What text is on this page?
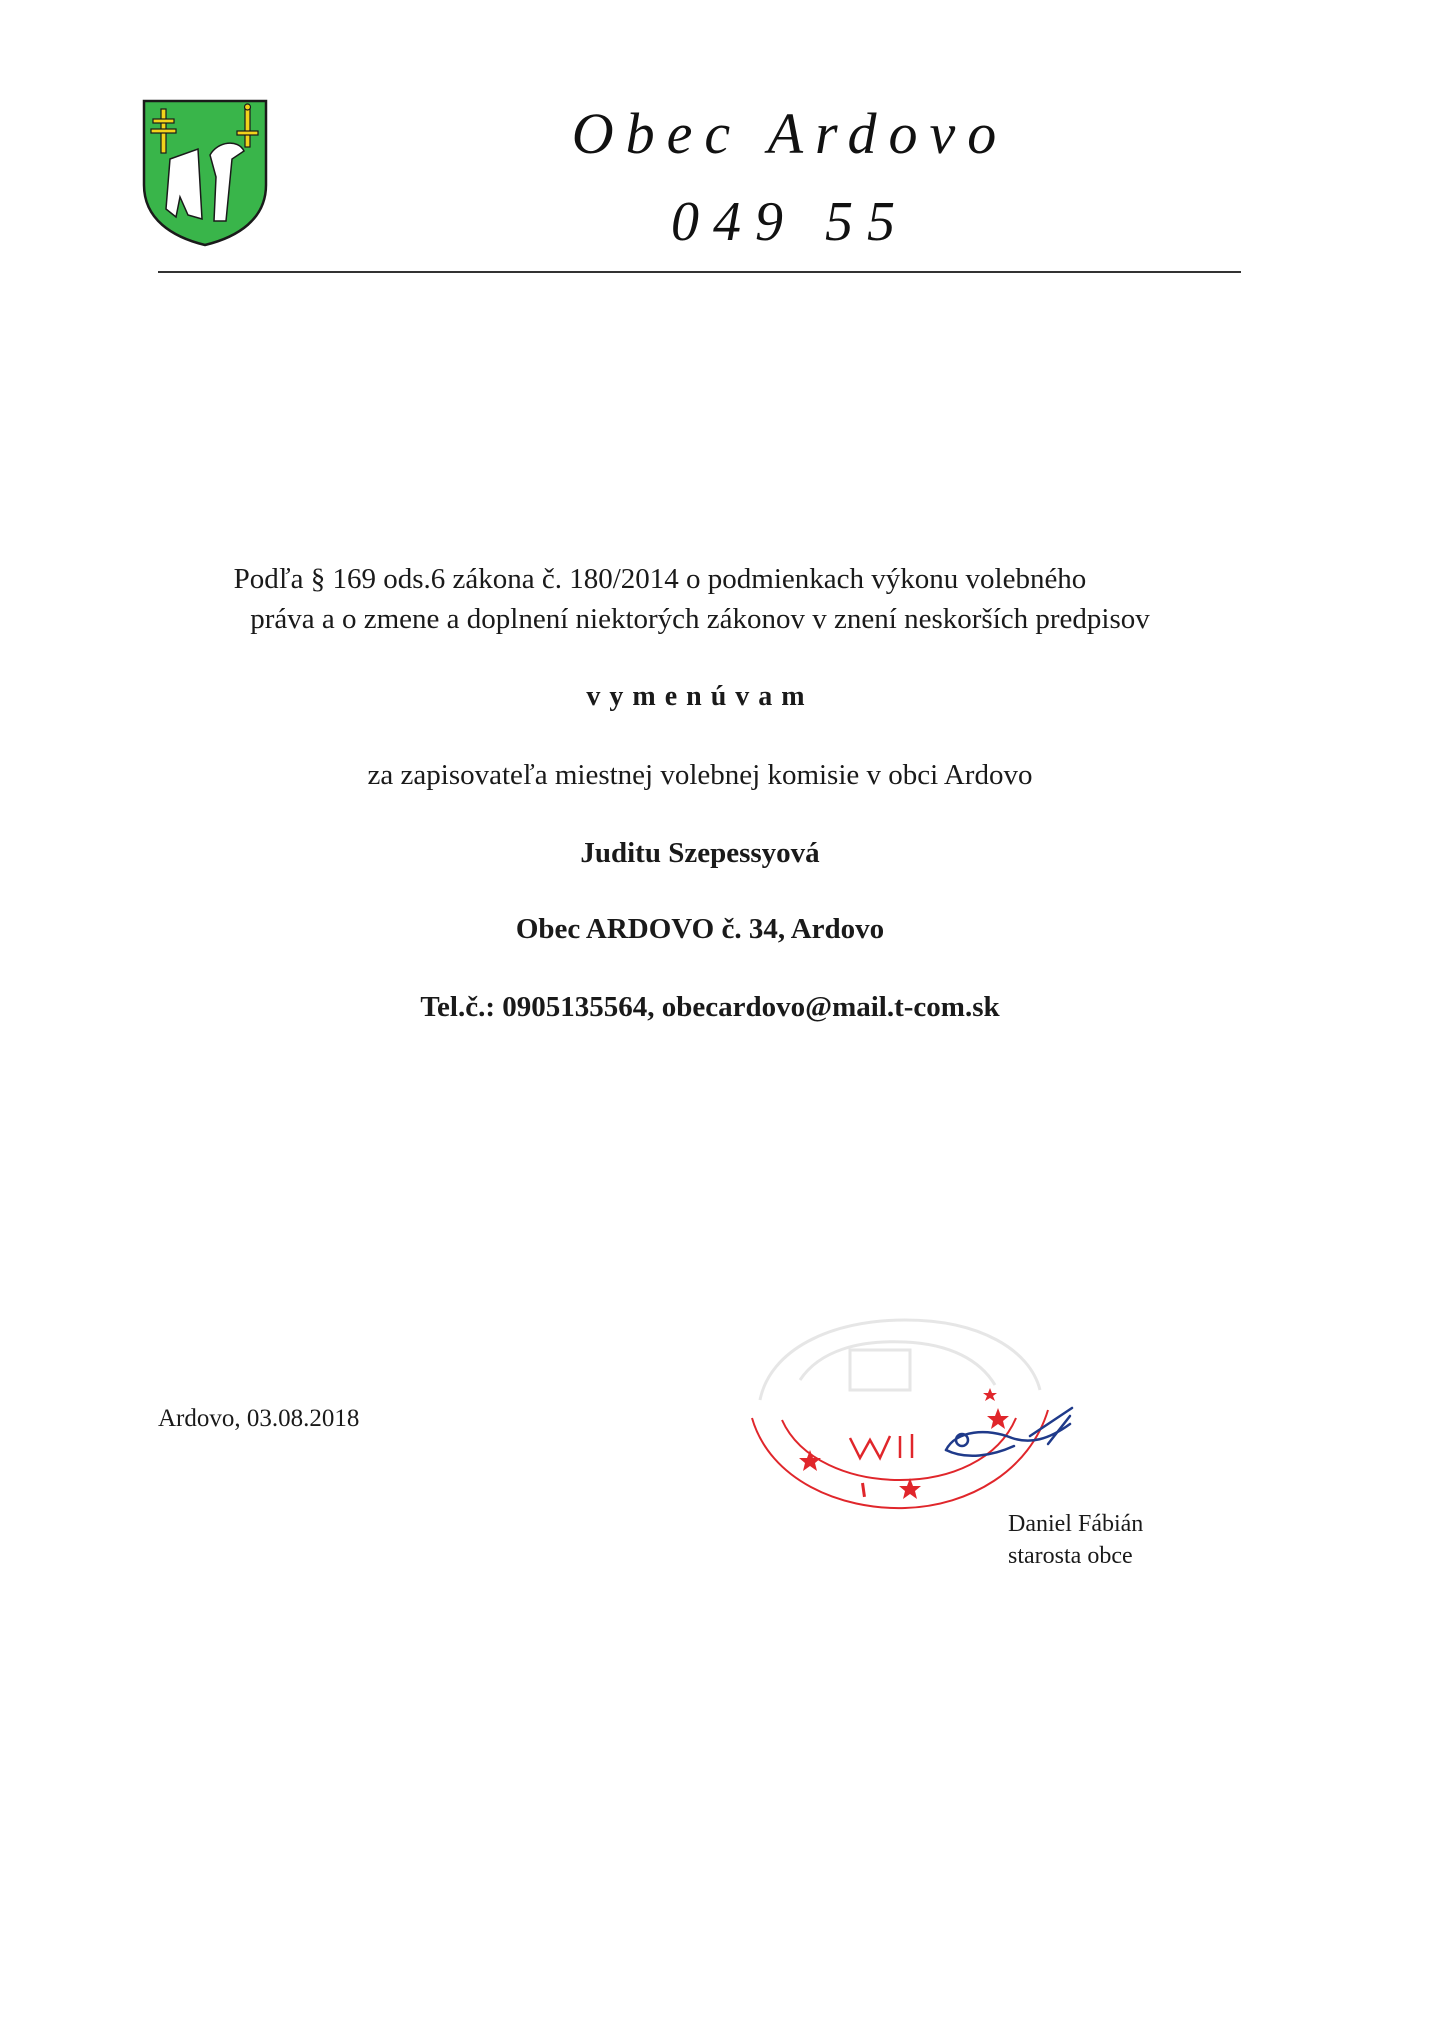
Obec Ardovo
049 55
Podľa § 169 ods.6 zákona č. 180/2014 o podmienkach výkonu volebného
práva a o zmene a doplnení niektorých zákonov v znení neskorších predpisov
vymenúvam
za zapisovateľa miestnej volebnej komisie v obci Ardovo
Juditu Szepessyová
Obec ARDOVO č. 34, Ardovo
Tel.č.: 0905135564, obecardovo@mail.t-com.sk
Ardovo, 03.08.2018
Daniel Fábián
starosta obce
